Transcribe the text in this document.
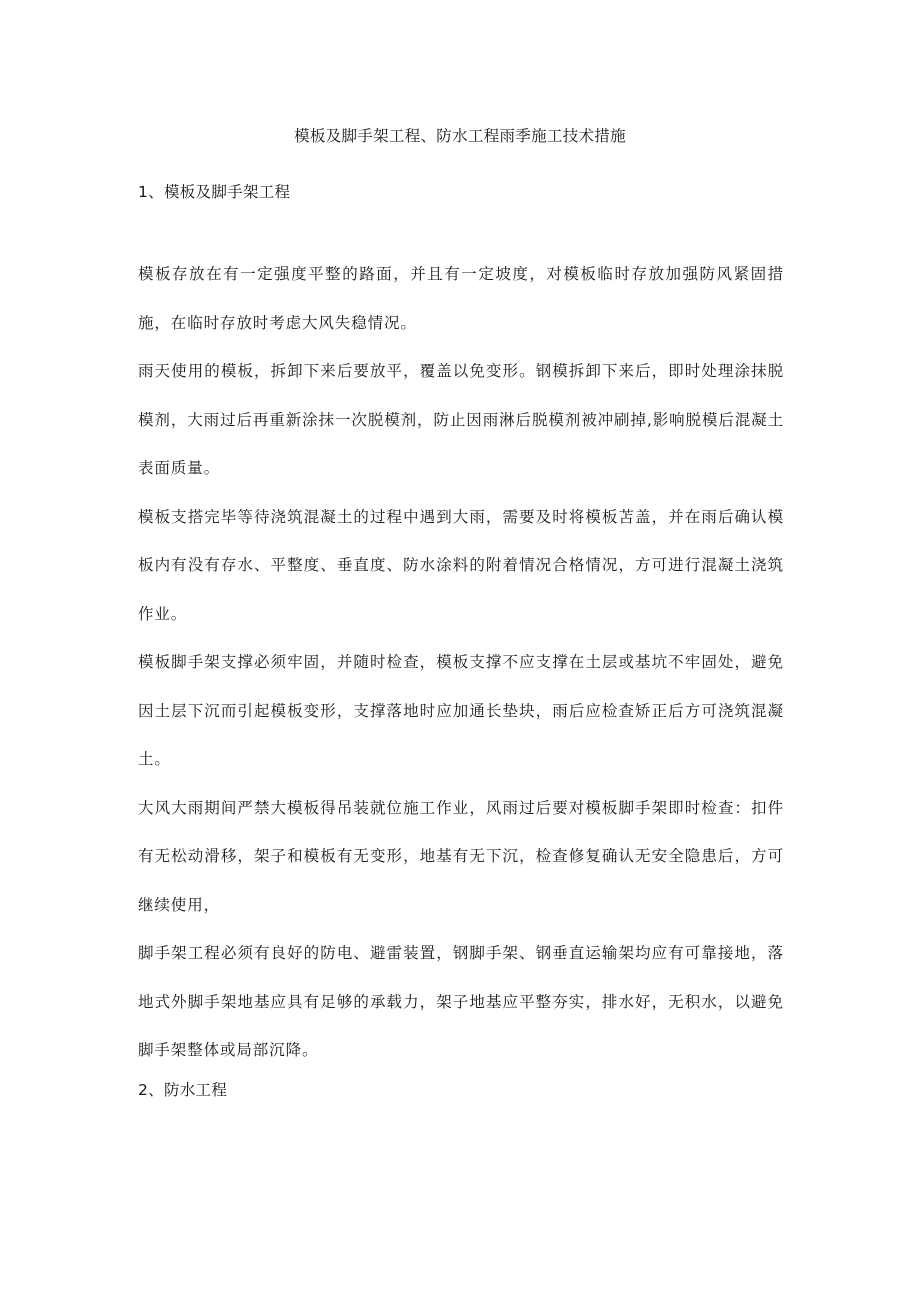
模板及脚手架工程、防水工程雨季施工技术措施
1、模板及脚手架工程

模板存放在有一定强度平整的路面，并且有一定坡度，对模板临时存放加强防风紧固措施，在临时存放时考虑大风失稳情况。

雨天使用的模板，拆卸下来后要放平，覆盖以免变形。钢模拆卸下来后，即时处理涂抹脱模剂，大雨过后再重新涂抹一次脱模剂，防止因雨淋后脱模剂被冲刷掉,影响脱模后混凝土表面质量。

模板支搭完毕等待浇筑混凝土的过程中遇到大雨，需要及时将模板苫盖，并在雨后确认模板内有没有存水、平整度、垂直度、防水涂料的附着情况合格情况，方可进行混凝土浇筑作业。

模板脚手架支撑必须牢固，并随时检查，模板支撑不应支撑在土层或基坑不牢固处，避免因土层下沉而引起模板变形，支撑落地时应加通长垫块，雨后应检查矫正后方可浇筑混凝土。

大风大雨期间严禁大模板得吊装就位施工作业，风雨过后要对模板脚手架即时检查：扣件有无松动滑移，架子和模板有无变形，地基有无下沉，检查修复确认无安全隐患后，方可继续使用，

脚手架工程必须有良好的防电、避雷装置，钢脚手架、钢垂直运输架均应有可靠接地，落地式外脚手架地基应具有足够的承载力，架子地基应平整夯实，排水好，无积水，以避免脚手架整体或局部沉降。

2、防水工程
